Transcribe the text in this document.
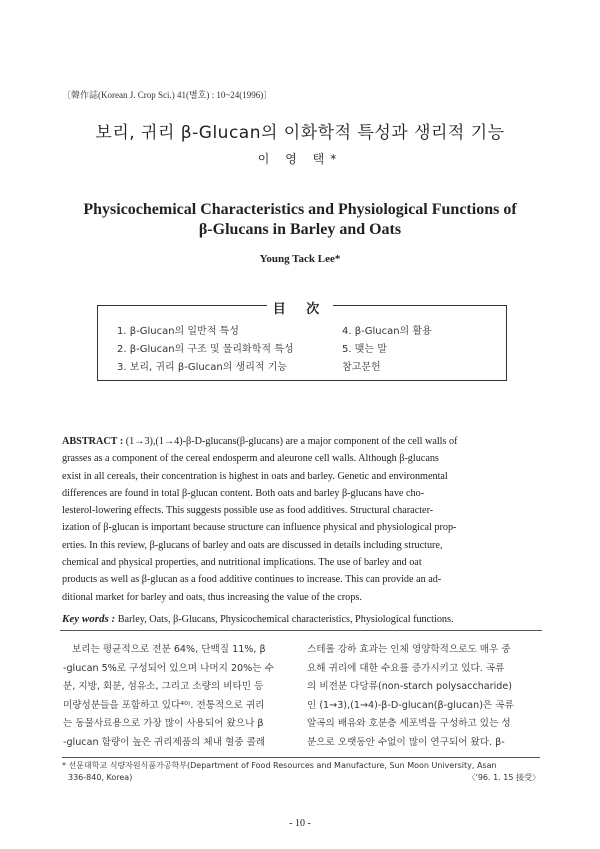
〔韓作誌(Korean J. Crop Sci.) 41(별호) : 10~24(1996)〕
보리, 귀리 β-Glucan의 이화학적 특성과 생리적 기능
이 영 택*
Physicochemical Characteristics and Physiological Functions of
β-Glucans in Barley and Oats
Young Tack Lee*
目 次
1. β-Glucan의 일반적 특성
2. β-Glucan의 구조 및 물리화학적 특성
3. 보리, 귀리 β-Glucan의 생리적 기능
4. β-Glucan의 활용
5. 맺는 말
참고문헌
ABSTRACT : (1→3),(1→4)-β-D-glucans(β-glucans) are a major component of the cell walls of
grasses as a component of the cereal endosperm and aleurone cell walls. Although β-glucans
exist in all cereals, their concentration is highest in oats and barley. Genetic and environmental
differences are found in total β-glucan content. Both oats and barley β-glucans have cho-
lesterol-lowering effects. This suggests possible use as food additives. Structural character-
ization of β-glucan is important because structure can influence physical and physiological prop-
erties. In this review, β-glucans of barley and oats are discussed in details including structure,
chemical and physical properties, and nutritional implications. The use of barley and oat
products as well as β-glucan as a food additive continues to increase. This can provide an ad-
ditional market for barley and oats, thus increasing the value of the crops.
Key words : Barley, Oats, β-Glucans, Physicochemical characteristics, Physiological functions.
보리는 평균적으로 전분 64%, 단백질 11%, β
-glucan 5%로 구성되어 있으며 나머지 20%는 수
분, 지방, 회분, 섬유소, 그리고 소량의 비타민 등
미량성분들을 포함하고 있다⁴⁰⁾. 전통적으로 귀리
는 동물사료용으로 가장 많이 사용되어 왔으나 β
-glucan 함량이 높은 귀리제품의 체내 혈중 콜레
스테롤 강하 효과는 인체 영양학적으로도 매우 중
요해 귀리에 대한 수요를 증가시키고 있다. 곡류
의 비전분 다당류(non-starch polysaccharide)
인 (1→3),(1→4)-β-D-glucan(β-glucan)은 곡류
알곡의 배유와 호분층 세포벽을 구성하고 있는 성
분으로 오랫동안 수없이 많이 연구되어 왔다. β-
* 선문대학교 식량자원식품가공학부(Department of Food Resources and Manufacture, Sun Moon University, Asan
336-840, Korea)	〈'96. 1. 15 接受〉
- 10 -
